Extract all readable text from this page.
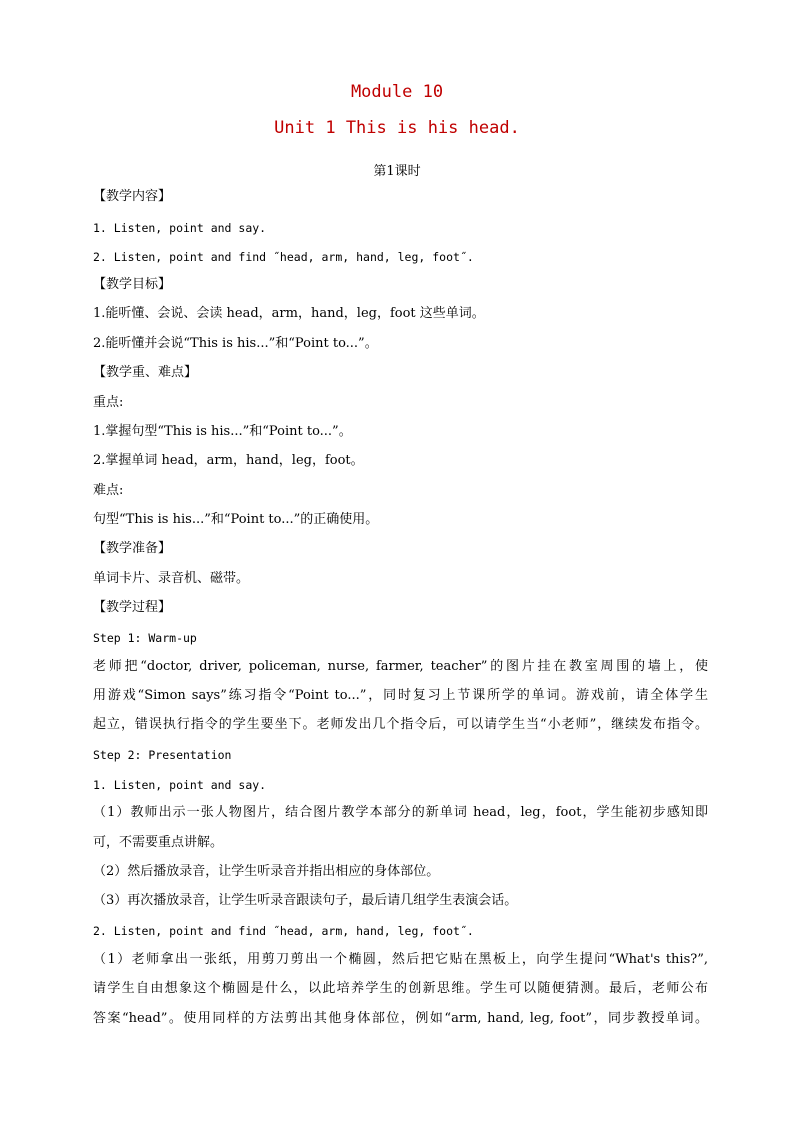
Module 10
Unit 1 This is his head.
第1课时
【教学内容】
1. Listen, point and say.
2. Listen, point and find ˝head, arm, hand, leg, foot˝.
【教学目标】
1.能听懂、会说、会读 head，arm，hand，leg，foot 这些单词。
2.能听懂并会说“This is his...”和“Point to...”。
【教学重、难点】
重点:
1.掌握句型“This is his...”和“Point to...”。
2.掌握单词 head，arm，hand，leg，foot。
难点:
句型“This is his...”和“Point to...”的正确使用。
【教学准备】
单词卡片、录音机、磁带。
【教学过程】
Step 1: Warm-up
老师把“doctor, driver, policeman, nurse, farmer, teacher”的图片挂在教室周围的墙上，使
用游戏“Simon says”练习指令“Point to...”，同时复习上节课所学的单词。游戏前，请全体学生
起立，错误执行指令的学生要坐下。老师发出几个指令后，可以请学生当“小老师”，继续发布指令。
Step 2: Presentation
1. Listen, point and say.
（1）教师出示一张人物图片，结合图片教学本部分的新单词 head，leg，foot，学生能初步感知即
可，不需要重点讲解。
（2）然后播放录音，让学生听录音并指出相应的身体部位。
（3）再次播放录音，让学生听录音跟读句子，最后请几组学生表演会话。
2. Listen, point and find ˝head, arm, hand, leg, foot˝.
（1）老师拿出一张纸，用剪刀剪出一个椭圆，然后把它贴在黑板上，向学生提问“What's this?”,
请学生自由想象这个椭圆是什么，以此培养学生的创新思维。学生可以随便猜测。最后，老师公布
答案“head”。使用同样的方法剪出其他身体部位，例如“arm, hand, leg, foot”，同步教授单词。
